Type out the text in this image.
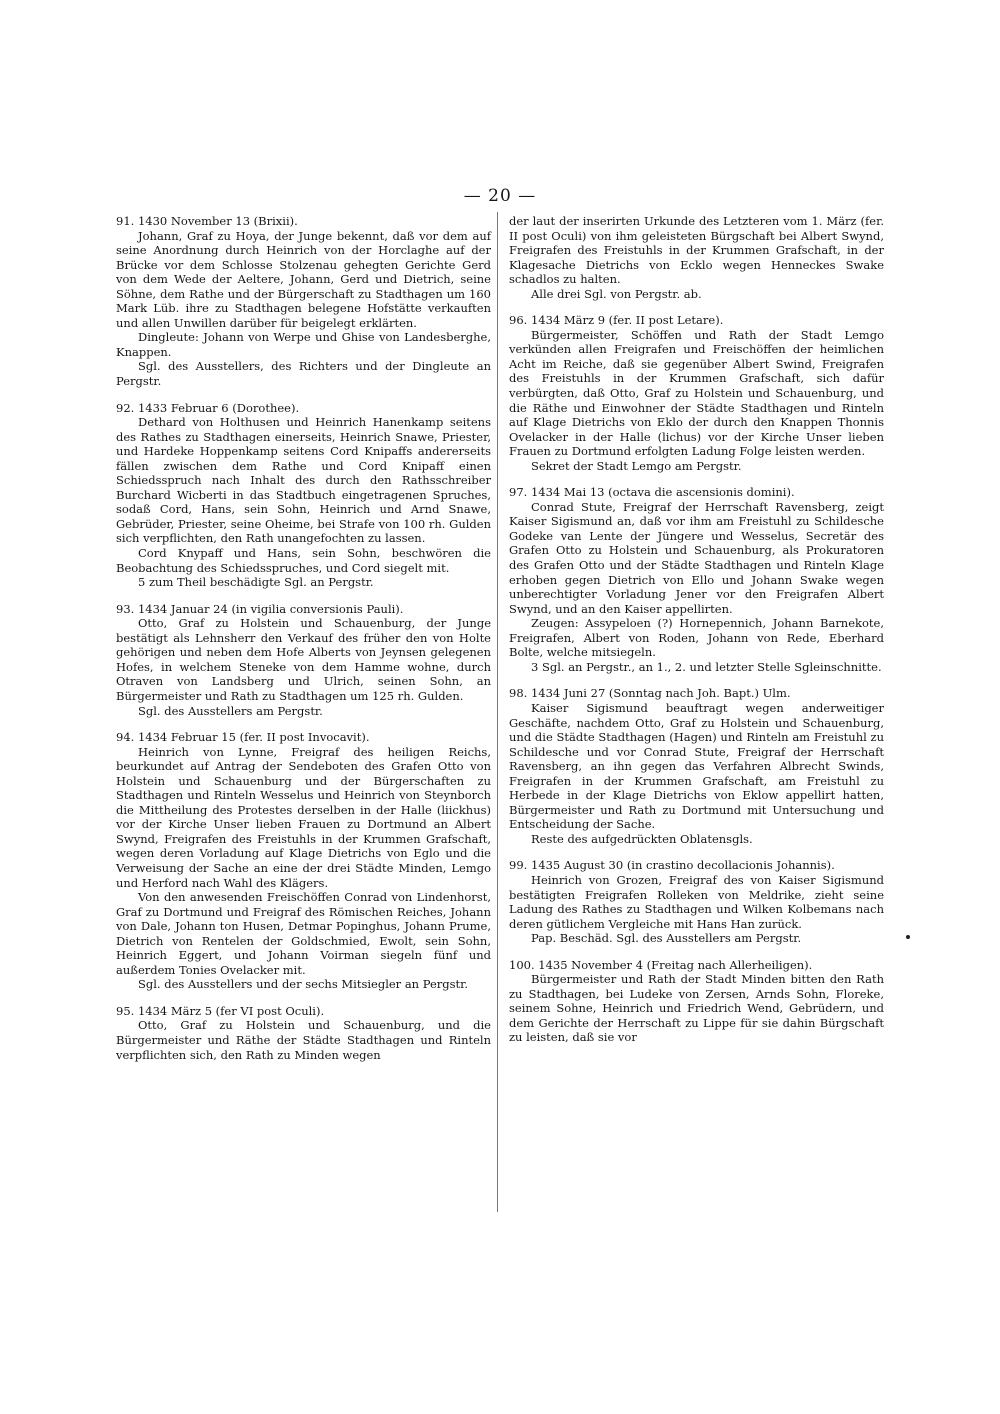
— 20 —

91. 1430 November 13 (Brixii).

Johann, Graf zu Hoya, der Junge bekennt, daß vor dem auf seine Anordnung durch Heinrich von der Horclaghe auf der Brücke vor dem Schlosse Stolzenau gehegten Gerichte Gerd von dem Wede der Aeltere, Johann, Gerd und Dietrich, seine Söhne, dem Rathe und der Bürgerschaft zu Stadthagen um 160 Mark Lüb. ihre zu Stadthagen belegene Hofstätte verkauften und allen Unwillen darüber für beigelegt erklärten.

Dingleute: Johann von Werpe und Ghise von Landesberghe, Knappen.

Sgl. des Ausstellers, des Richters und der Dingleute an Pergstr.

92. 1433 Februar 6 (Dorothee).

Dethard von Holthusen und Heinrich Hanenkamp seitens des Rathes zu Stadthagen einerseits, Heinrich Snawe, Priester, und Hardeke Hoppenkamp seitens Cord Knipaffs andererseits fällen zwischen dem Rathe und Cord Knipaff einen Schiedsspruch nach Inhalt des durch den Rathsschreiber Burchard Wicberti in das Stadtbuch eingetragenen Spruches, sodaß Cord, Hans, sein Sohn, Heinrich und Arnd Snawe, Gebrüder, Priester, seine Oheime, bei Strafe von 100 rh. Gulden sich verpflichten, den Rath unangefochten zu lassen.

Cord Knypaff und Hans, sein Sohn, beschwören die Beobachtung des Schiedsspruches, und Cord siegelt mit.

5 zum Theil beschädigte Sgl. an Pergstr.

93. 1434 Januar 24 (in vigilia conversionis Pauli).

Otto, Graf zu Holstein und Schauenburg, der Junge bestätigt als Lehnsherr den Verkauf des früher den von Holte gehörigen und neben dem Hofe Alberts von Jeynsen gelegenen Hofes, in welchem Steneke von dem Hamme wohne, durch Otraven von Landsberg und Ulrich, seinen Sohn, an Bürgermeister und Rath zu Stadthagen um 125 rh. Gulden.

Sgl. des Ausstellers am Pergstr.

94. 1434 Februar 15 (fer. II post Invocavit).

Heinrich von Lynne, Freigraf des heiligen Reichs, beurkundet auf Antrag der Sendeboten des Grafen Otto von Holstein und Schauenburg und der Bürgerschaften zu Stadthagen und Rinteln Wesselus und Heinrich von Steynborch die Mittheilung des Protestes derselben in der Halle (liickhus) vor der Kirche Unser lieben Frauen zu Dortmund an Albert Swynd, Freigrafen des Freistuhls in der Krummen Grafschaft, wegen deren Vorladung auf Klage Dietrichs von Eglo und die Verweisung der Sache an eine der drei Städte Minden, Lemgo und Herford nach Wahl des Klägers.

Von den anwesenden Freischöffen Conrad von Lindenhorst, Graf zu Dortmund und Freigraf des Römischen Reiches, Johann von Dale, Johann ton Husen, Detmar Popinghus, Johann Prume, Dietrich von Rentelen der Goldschmied, Ewolt, sein Sohn, Heinrich Eggert, und Johann Voirman siegeln fünf und außerdem Tonies Ovelacker mit.

Sgl. des Ausstellers und der sechs Mitsiegler an Pergstr.

95. 1434 März 5 (fer VI post Oculi).

Otto, Graf zu Holstein und Schauenburg, und die Bürgermeister und Räthe der Städte Stadthagen und Rinteln verpflichten sich, den Rath zu Minden wegen

der laut der inserirten Urkunde des Letzteren vom 1. März (fer. II post Oculi) von ihm geleisteten Bürgschaft bei Albert Swynd, Freigrafen des Freistuhls in der Krummen Grafschaft, in der Klagesache Dietrichs von Ecklo wegen Henneckes Swake schadlos zu halten.

Alle drei Sgl. von Pergstr. ab.

96. 1434 März 9 (fer. II post Letare).

Bürgermeister, Schöffen und Rath der Stadt Lemgo verkünden allen Freigrafen und Freischöffen der heimlichen Acht im Reiche, daß sie gegenüber Albert Swind, Freigrafen des Freistuhls in der Krummen Grafschaft, sich dafür verbürgten, daß Otto, Graf zu Holstein und Schauenburg, und die Räthe und Einwohner der Städte Stadthagen und Rinteln auf Klage Dietrichs von Eklo der durch den Knappen Thonnis Ovelacker in der Halle (lichus) vor der Kirche Unser lieben Frauen zu Dortmund erfolgten Ladung Folge leisten werden.

Sekret der Stadt Lemgo am Pergstr.

97. 1434 Mai 13 (octava die ascensionis domini).

Conrad Stute, Freigraf der Herrschaft Ravensberg, zeigt Kaiser Sigismund an, daß vor ihm am Freistuhl zu Schildesche Godeke van Lente der Jüngere und Wesselus, Secretär des Grafen Otto zu Holstein und Schauenburg, als Prokuratoren des Grafen Otto und der Städte Stadthagen und Rinteln Klage erhoben gegen Dietrich von Ello und Johann Swake wegen unberechtigter Vorladung Jener vor den Freigrafen Albert Swynd, und an den Kaiser appellirten.

Zeugen: Assypeloen (?) Hornepennich, Johann Barnekote, Freigrafen, Albert von Roden, Johann von Rede, Eberhard Bolte, welche mitsiegeln.

3 Sgl. an Pergstr., an 1., 2. und letzter Stelle Sgleinschnitte.

98. 1434 Juni 27 (Sonntag nach Joh. Bapt.) Ulm.

Kaiser Sigismund beauftragt wegen anderweitiger Geschäfte, nachdem Otto, Graf zu Holstein und Schauenburg, und die Städte Stadthagen (Hagen) und Rinteln am Freistuhl zu Schildesche und vor Conrad Stute, Freigraf der Herrschaft Ravensberg, an ihn gegen das Verfahren Albrecht Swinds, Freigrafen in der Krummen Grafschaft, am Freistuhl zu Herbede in der Klage Dietrichs von Eklow appellirt hatten, Bürgermeister und Rath zu Dortmund mit Untersuchung und Entscheidung der Sache.

Reste des aufgedrückten Oblatensgls.

99. 1435 August 30 (in crastino decollacionis Johannis).

Heinrich von Grozen, Freigraf des von Kaiser Sigismund bestätigten Freigrafen Rolleken von Meldrike, zieht seine Ladung des Rathes zu Stadthagen und Wilken Kolbemans nach deren gütlichem Vergleiche mit Hans Han zurück.

Pap. Beschäd. Sgl. des Ausstellers am Pergstr.

100. 1435 November 4 (Freitag nach Allerheiligen).

Bürgermeister und Rath der Stadt Minden bitten den Rath zu Stadthagen, bei Ludeke von Zersen, Arnds Sohn, Floreke, seinem Sohne, Heinrich und Friedrich Wend, Gebrüdern, und dem Gerichte der Herrschaft zu Lippe für sie dahin Bürgschaft zu leisten, daß sie vor
